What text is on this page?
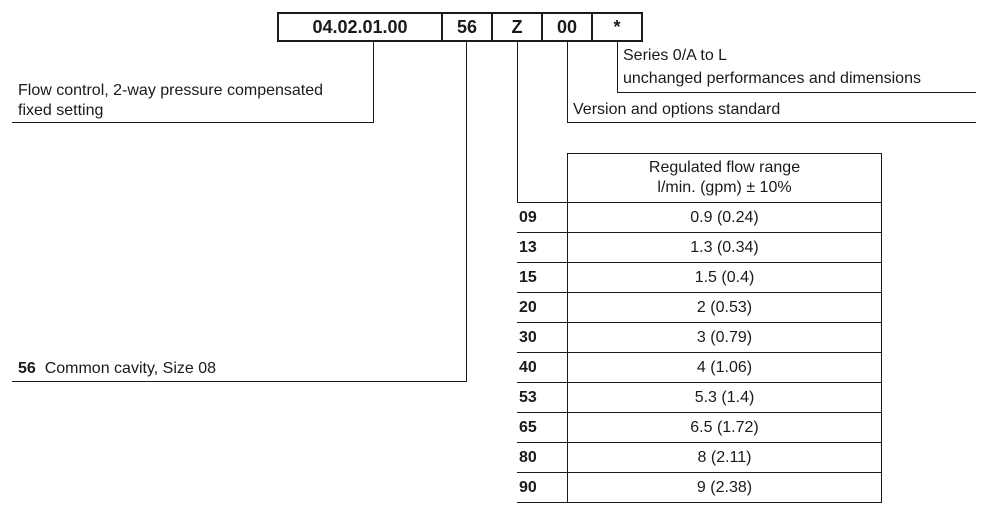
04.02.01.00	56	Z	00	*
Flow control, 2-way pressure compensated
fixed setting
56 Common cavity, Size 08
Series 0/A to L
unchanged performances and dimensions
Version and options standard
Regulated flow range
l/min. (gpm) ± 10%
09	0.9 (0.24)
13	1.3 (0.34)
15	1.5 (0.4)
20	2 (0.53)
30	3 (0.79)
40	4 (1.06)
53	5.3 (1.4)
65	6.5 (1.72)
80	8 (2.11)
90	9 (2.38)
